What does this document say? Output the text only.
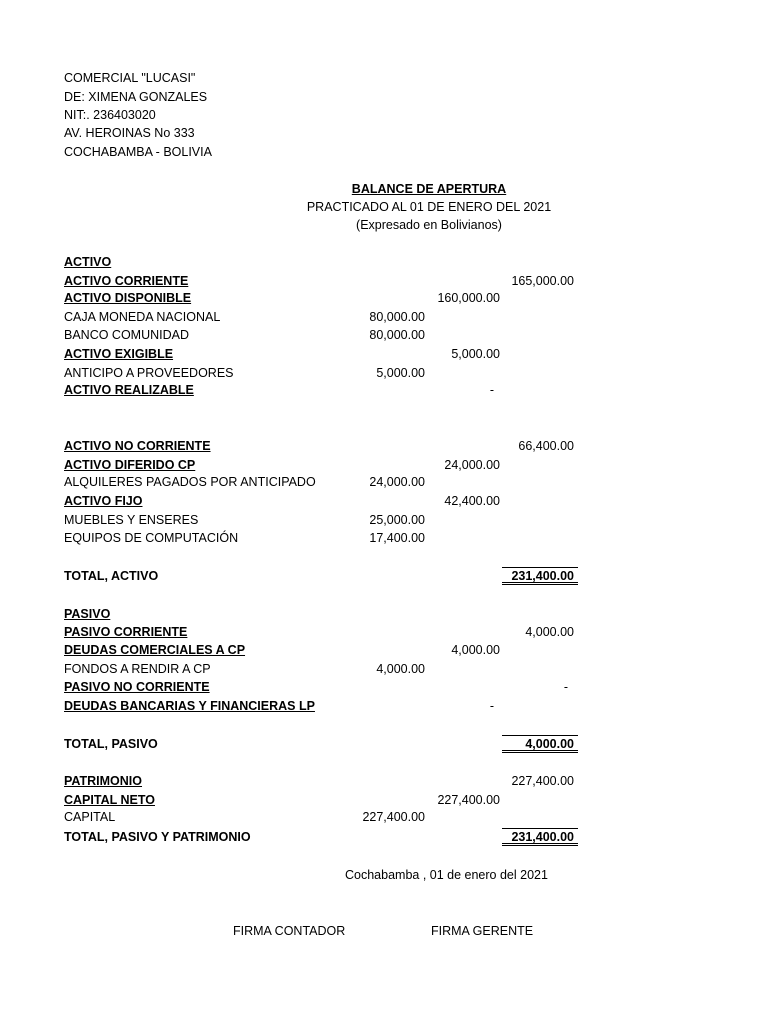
COMERCIAL "LUCASI"
DE: XIMENA GONZALES
NIT:. 236403020
AV. HEROINAS No 333
COCHABAMBA - BOLIVIA
BALANCE DE APERTURA
PRACTICADO AL 01 DE ENERO DEL 2021
(Expresado en Bolivianos)
ACTIVO
ACTIVO CORRIENTE	165,000.00
ACTIVO DISPONIBLE	160,000.00
CAJA MONEDA NACIONAL	80,000.00
BANCO COMUNIDAD	80,000.00
ACTIVO EXIGIBLE	5,000.00
ANTICIPO A PROVEEDORES	5,000.00
ACTIVO REALIZABLE	-
ACTIVO NO CORRIENTE	66,400.00
ACTIVO DIFERIDO CP	24,000.00
ALQUILERES PAGADOS POR ANTICIPADO	24,000.00
ACTIVO FIJO	42,400.00
MUEBLES Y ENSERES	25,000.00
EQUIPOS DE COMPUTACIÓN	17,400.00
TOTAL, ACTIVO	231,400.00
PASIVO
PASIVO CORRIENTE	4,000.00
DEUDAS COMERCIALES A CP	4,000.00
FONDOS A RENDIR A CP	4,000.00
PASIVO NO CORRIENTE	-
DEUDAS BANCARIAS Y FINANCIERAS LP	-
TOTAL, PASIVO	4,000.00
PATRIMONIO	227,400.00
CAPITAL NETO	227,400.00
CAPITAL	227,400.00
TOTAL, PASIVO Y PATRIMONIO	231,400.00
Cochabamba , 01 de enero del 2021
FIRMA CONTADOR	FIRMA GERENTE
